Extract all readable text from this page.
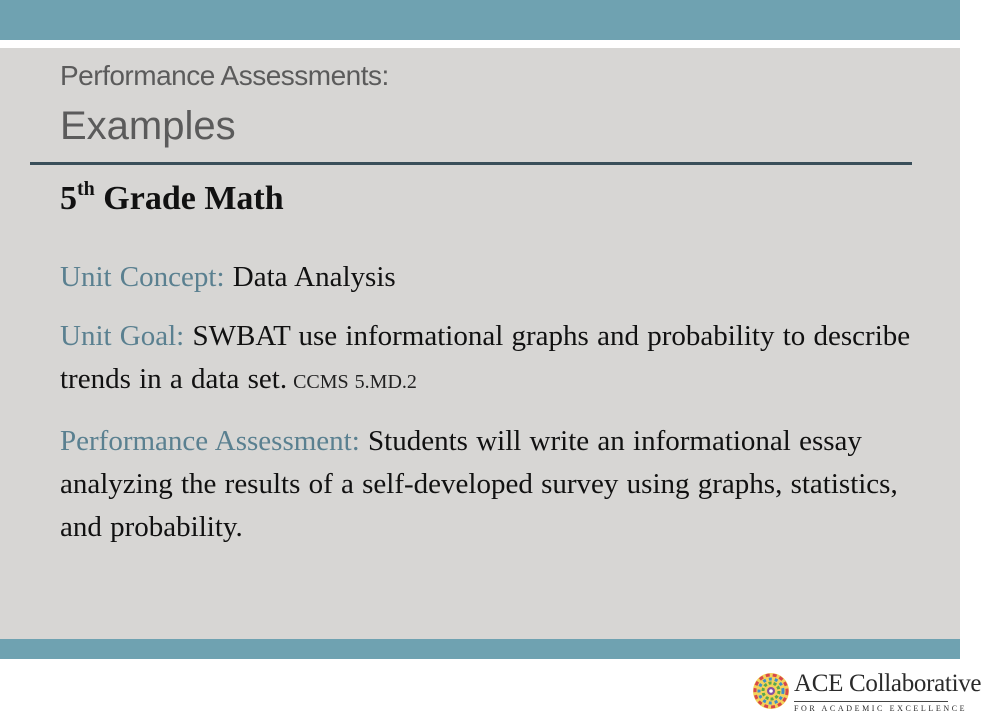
Performance Assessments:
Examples
5th Grade Math

Unit Concept: Data Analysis

Unit Goal: SWBAT use informational graphs and probability to describe trends in a data set. CCMS 5.MD.2

Performance Assessment: Students will write an informational essay analyzing the results of a self-developed survey using graphs, statistics, and probability.

ACE Collaborative
FOR ACADEMIC EXCELLENCE
